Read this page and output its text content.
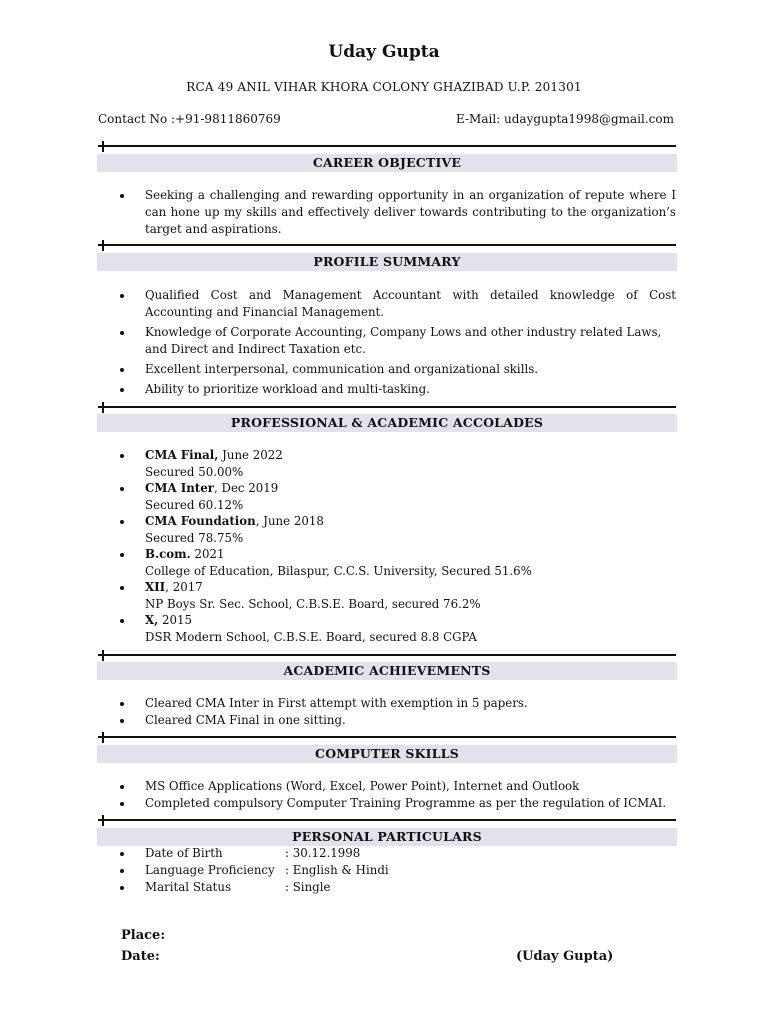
Uday Gupta
RCA 49 ANIL VIHAR KHORA COLONY GHAZIBAD U.P. 201301
Contact No :+91-9811860769	E-Mail: udaygupta1998@gmail.com
CAREER OBJECTIVE
Seeking a challenging and rewarding opportunity in an organization of repute where I can hone up my skills and effectively deliver towards contributing to the organization’s target and aspirations.
PROFILE SUMMARY
Qualified Cost and Management Accountant with detailed knowledge of Cost Accounting and Financial Management.
Knowledge of Corporate Accounting, Company Lows and other industry related Laws, and Direct and Indirect Taxation etc.
Excellent interpersonal, communication and organizational skills.
Ability to prioritize workload and multi-tasking.
PROFESSIONAL & ACADEMIC ACCOLADES
CMA Final, June 2022
Secured 50.00%
CMA Inter, Dec 2019
Secured 60.12%
CMA Foundation, June 2018
Secured 78.75%
B.com. 2021
College of Education, Bilaspur, C.C.S. University, Secured 51.6%
XII, 2017
NP Boys Sr. Sec. School, C.B.S.E. Board, secured 76.2%
X, 2015
DSR Modern School, C.B.S.E. Board, secured 8.8 CGPA
ACADEMIC ACHIEVEMENTS
Cleared CMA Inter in First attempt with exemption in 5 papers.
Cleared CMA Final in one sitting.
COMPUTER SKILLS
MS Office Applications (Word, Excel, Power Point), Internet and Outlook
Completed compulsory Computer Training Programme as per the regulation of ICMAI.
PERSONAL PARTICULARS
	Date of Birth	: 30.12.1998

	Language Proficiency	: English & Hindi

	Marital Status	: Single
Place:
Date:	(Uday Gupta)
